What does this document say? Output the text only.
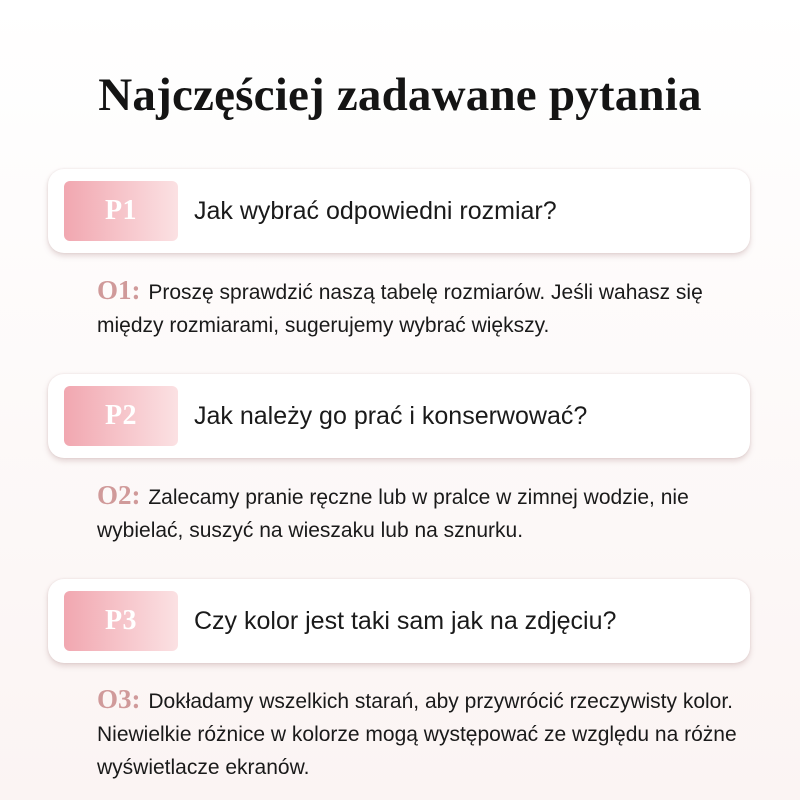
Najczęściej zadawane pytania
P1	Jak wybrać odpowiedni rozmiar?
O1: Proszę sprawdzić naszą tabelę rozmiarów. Jeśli wahasz się między rozmiarami, sugerujemy wybrać większy.
P2	Jak należy go prać i konserwować?
O2: Zalecamy pranie ręczne lub w pralce w zimnej wodzie, nie wybielać, suszyć na wieszaku lub na sznurku.
P3	Czy kolor jest taki sam jak na zdjęciu?
O3: Dokładamy wszelkich starań, aby przywrócić rzeczywisty kolor. Niewielkie różnice w kolorze mogą występować ze względu na różne wyświetlacze ekranów.
